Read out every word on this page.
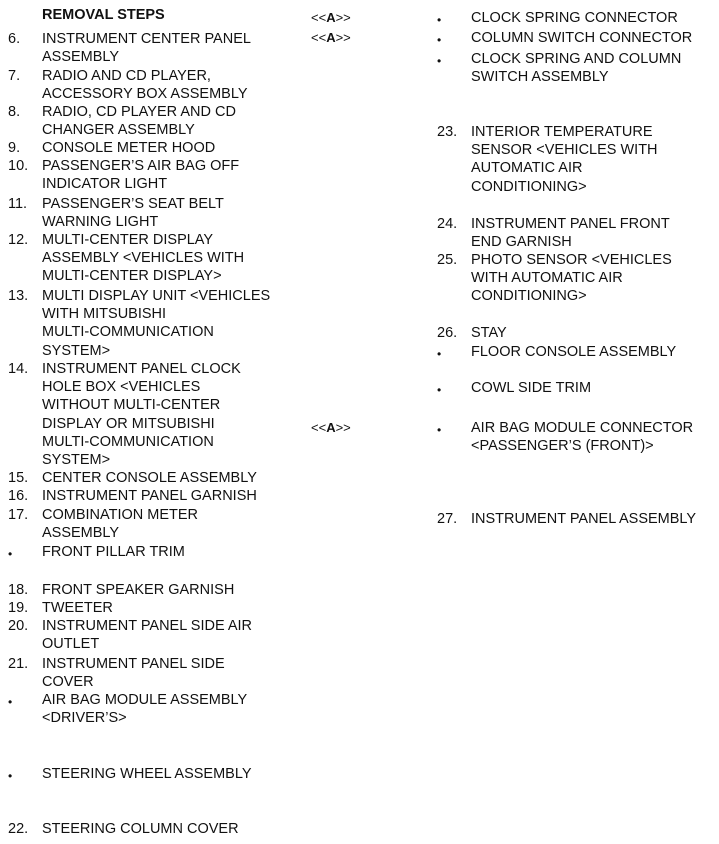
REMOVAL STEPS	<<A>>
<<A>>
<<A>>
6. INSTRUMENT CENTER PANEL
ASSEMBLY
7. RADIO AND CD PLAYER,
ACCESSORY BOX ASSEMBLY
8. RADIO, CD PLAYER AND CD
CHANGER ASSEMBLY
9. CONSOLE METER HOOD
10. PASSENGER’S AIR BAG OFF
INDICATOR LIGHT
11. PASSENGER’S SEAT BELT
WARNING LIGHT
12. MULTI-CENTER DISPLAY
ASSEMBLY <VEHICLES WITH
MULTI-CENTER DISPLAY>
13. MULTI DISPLAY UNIT <VEHICLES
WITH MITSUBISHI
MULTI-COMMUNICATION
SYSTEM>
14. INSTRUMENT PANEL CLOCK
HOLE BOX <VEHICLES
WITHOUT MULTI-CENTER
DISPLAY OR MITSUBISHI
MULTI-COMMUNICATION
SYSTEM>
15. CENTER CONSOLE ASSEMBLY
16. INSTRUMENT PANEL GARNISH
17. COMBINATION METER
ASSEMBLY
• FRONT PILLAR TRIM
18. FRONT SPEAKER GARNISH
19. TWEETER
20. INSTRUMENT PANEL SIDE AIR
OUTLET
21. INSTRUMENT PANEL SIDE
COVER
• AIR BAG MODULE ASSEMBLY
<DRIVER’S>
• STEERING WHEEL ASSEMBLY
22. STEERING COLUMN COVER
• CLOCK SPRING CONNECTOR
• COLUMN SWITCH CONNECTOR
• CLOCK SPRING AND COLUMN
SWITCH ASSEMBLY
23. INTERIOR TEMPERATURE
SENSOR <VEHICLES WITH
AUTOMATIC AIR
CONDITIONING>
24. INSTRUMENT PANEL FRONT
END GARNISH
25. PHOTO SENSOR <VEHICLES
WITH AUTOMATIC AIR
CONDITIONING>
26. STAY
• FLOOR CONSOLE ASSEMBLY
• COWL SIDE TRIM
• AIR BAG MODULE CONNECTOR
<PASSENGER’S (FRONT)>
27. INSTRUMENT PANEL ASSEMBLY
